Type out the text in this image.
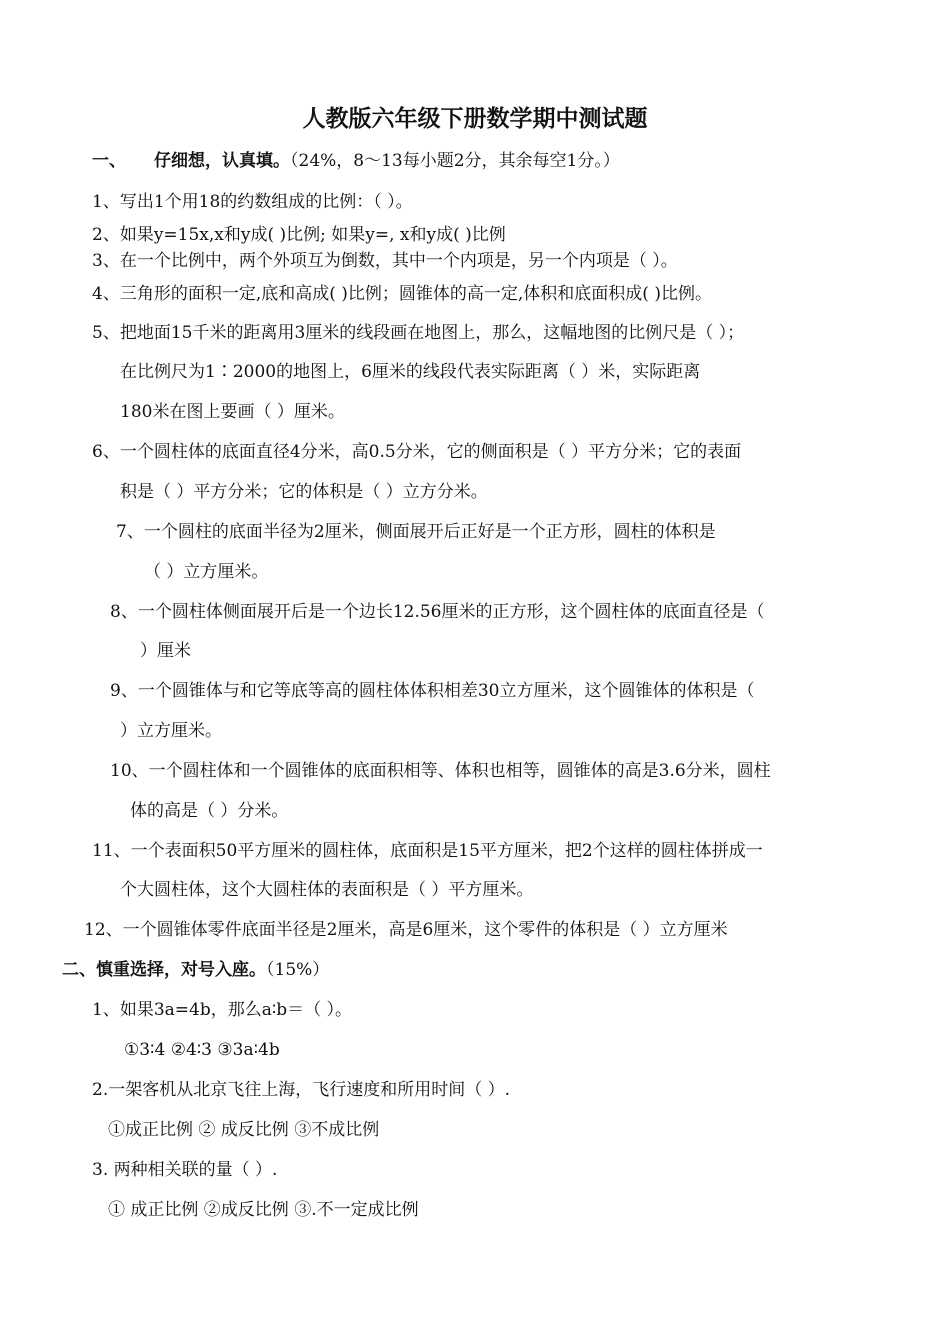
人教版六年级下册数学期中测试题
一、 仔细想，认真填。（24%，8～13每小题2分，其余每空1分。）
1、写出1个用18的约数组成的比例：（ ）。
2、如果y=15x,x和y成( )比例; 如果y=, x和y成( )比例
3、在一个比例中，两个外项互为倒数，其中一个内项是，另一个内项是（ ）。
4、三角形的面积一定,底和高成( )比例；圆锥体的高一定,体积和底面积成( )比例。
5、把地面15千米的距离用3厘米的线段画在地图上，那么，这幅地图的比例尺是（ ）；
在比例尺为1∶2000的地图上，6厘米的线段代表实际距离（ ）米，实际距离
180米在图上要画（ ）厘米。
6、一个圆柱体的底面直径4分米，高0.5分米，它的侧面积是（ ）平方分米；它的表面
积是（ ）平方分米；它的体积是（ ）立方分米。
7、一个圆柱的底面半径为2厘米，侧面展开后正好是一个正方形，圆柱的体积是
（ ）立方厘米。
8、一个圆柱体侧面展开后是一个边长12.56厘米的正方形，这个圆柱体的底面直径是（
）厘米
9、一个圆锥体与和它等底等高的圆柱体体积相差30立方厘米，这个圆锥体的体积是（
）立方厘米。
10、一个圆柱体和一个圆锥体的底面积相等、体积也相等，圆锥体的高是3.6分米，圆柱
体的高是（ ）分米。
11、一个表面积50平方厘米的圆柱体，底面积是15平方厘米，把2个这样的圆柱体拼成一
个大圆柱体，这个大圆柱体的表面积是（ ）平方厘米。
12、一个圆锥体零件底面半径是2厘米，高是6厘米，这个零件的体积是（ ）立方厘米
二、慎重选择，对号入座。（15%）
1、如果3a=4b，那么a∶b＝（ ）。
①3∶4 ②4∶3 ③3a∶4b
2.一架客机从北京飞往上海，飞行速度和所用时间（ ）.
①成正比例 ② 成反比例 ③不成比例
3. 两种相关联的量（ ）.
① 成正比例 ②成反比例 ③.不一定成比例
